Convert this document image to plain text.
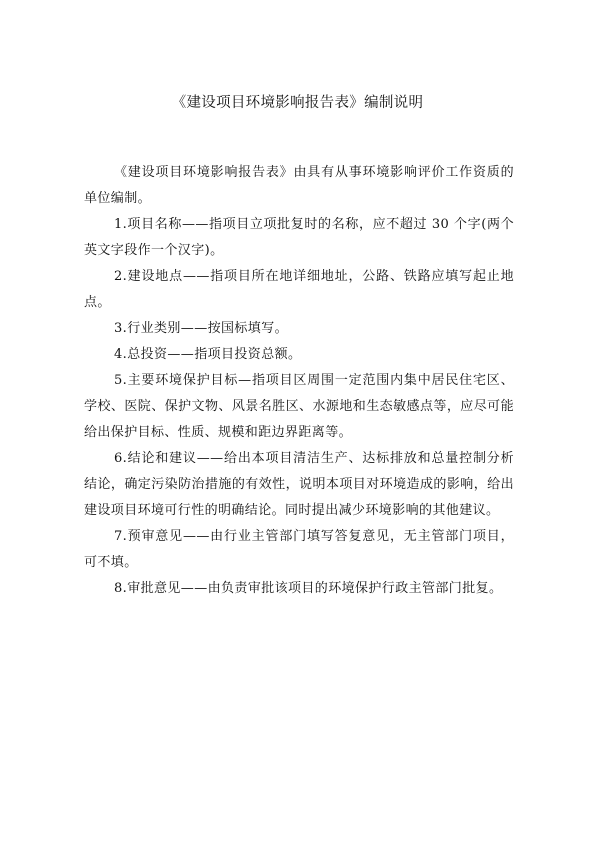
《建设项目环境影响报告表》编制说明

《建设项目环境影响报告表》由具有从事环境影响评价工作资质的单位编制。

1.项目名称——指项目立项批复时的名称，应不超过 30 个字(两个英文字段作一个汉字)。

2.建设地点——指项目所在地详细地址，公路、铁路应填写起止地点。

3.行业类别——按国标填写。

4.总投资——指项目投资总额。

5.主要环境保护目标—指项目区周围一定范围内集中居民住宅区、学校、医院、保护文物、风景名胜区、水源地和生态敏感点等，应尽可能给出保护目标、性质、规模和距边界距离等。

6.结论和建议——给出本项目清洁生产、达标排放和总量控制分析结论，确定污染防治措施的有效性，说明本项目对环境造成的影响，给出建设项目环境可行性的明确结论。同时提出减少环境影响的其他建议。

7.预审意见——由行业主管部门填写答复意见，无主管部门项目，可不填。

8.审批意见——由负责审批该项目的环境保护行政主管部门批复。
